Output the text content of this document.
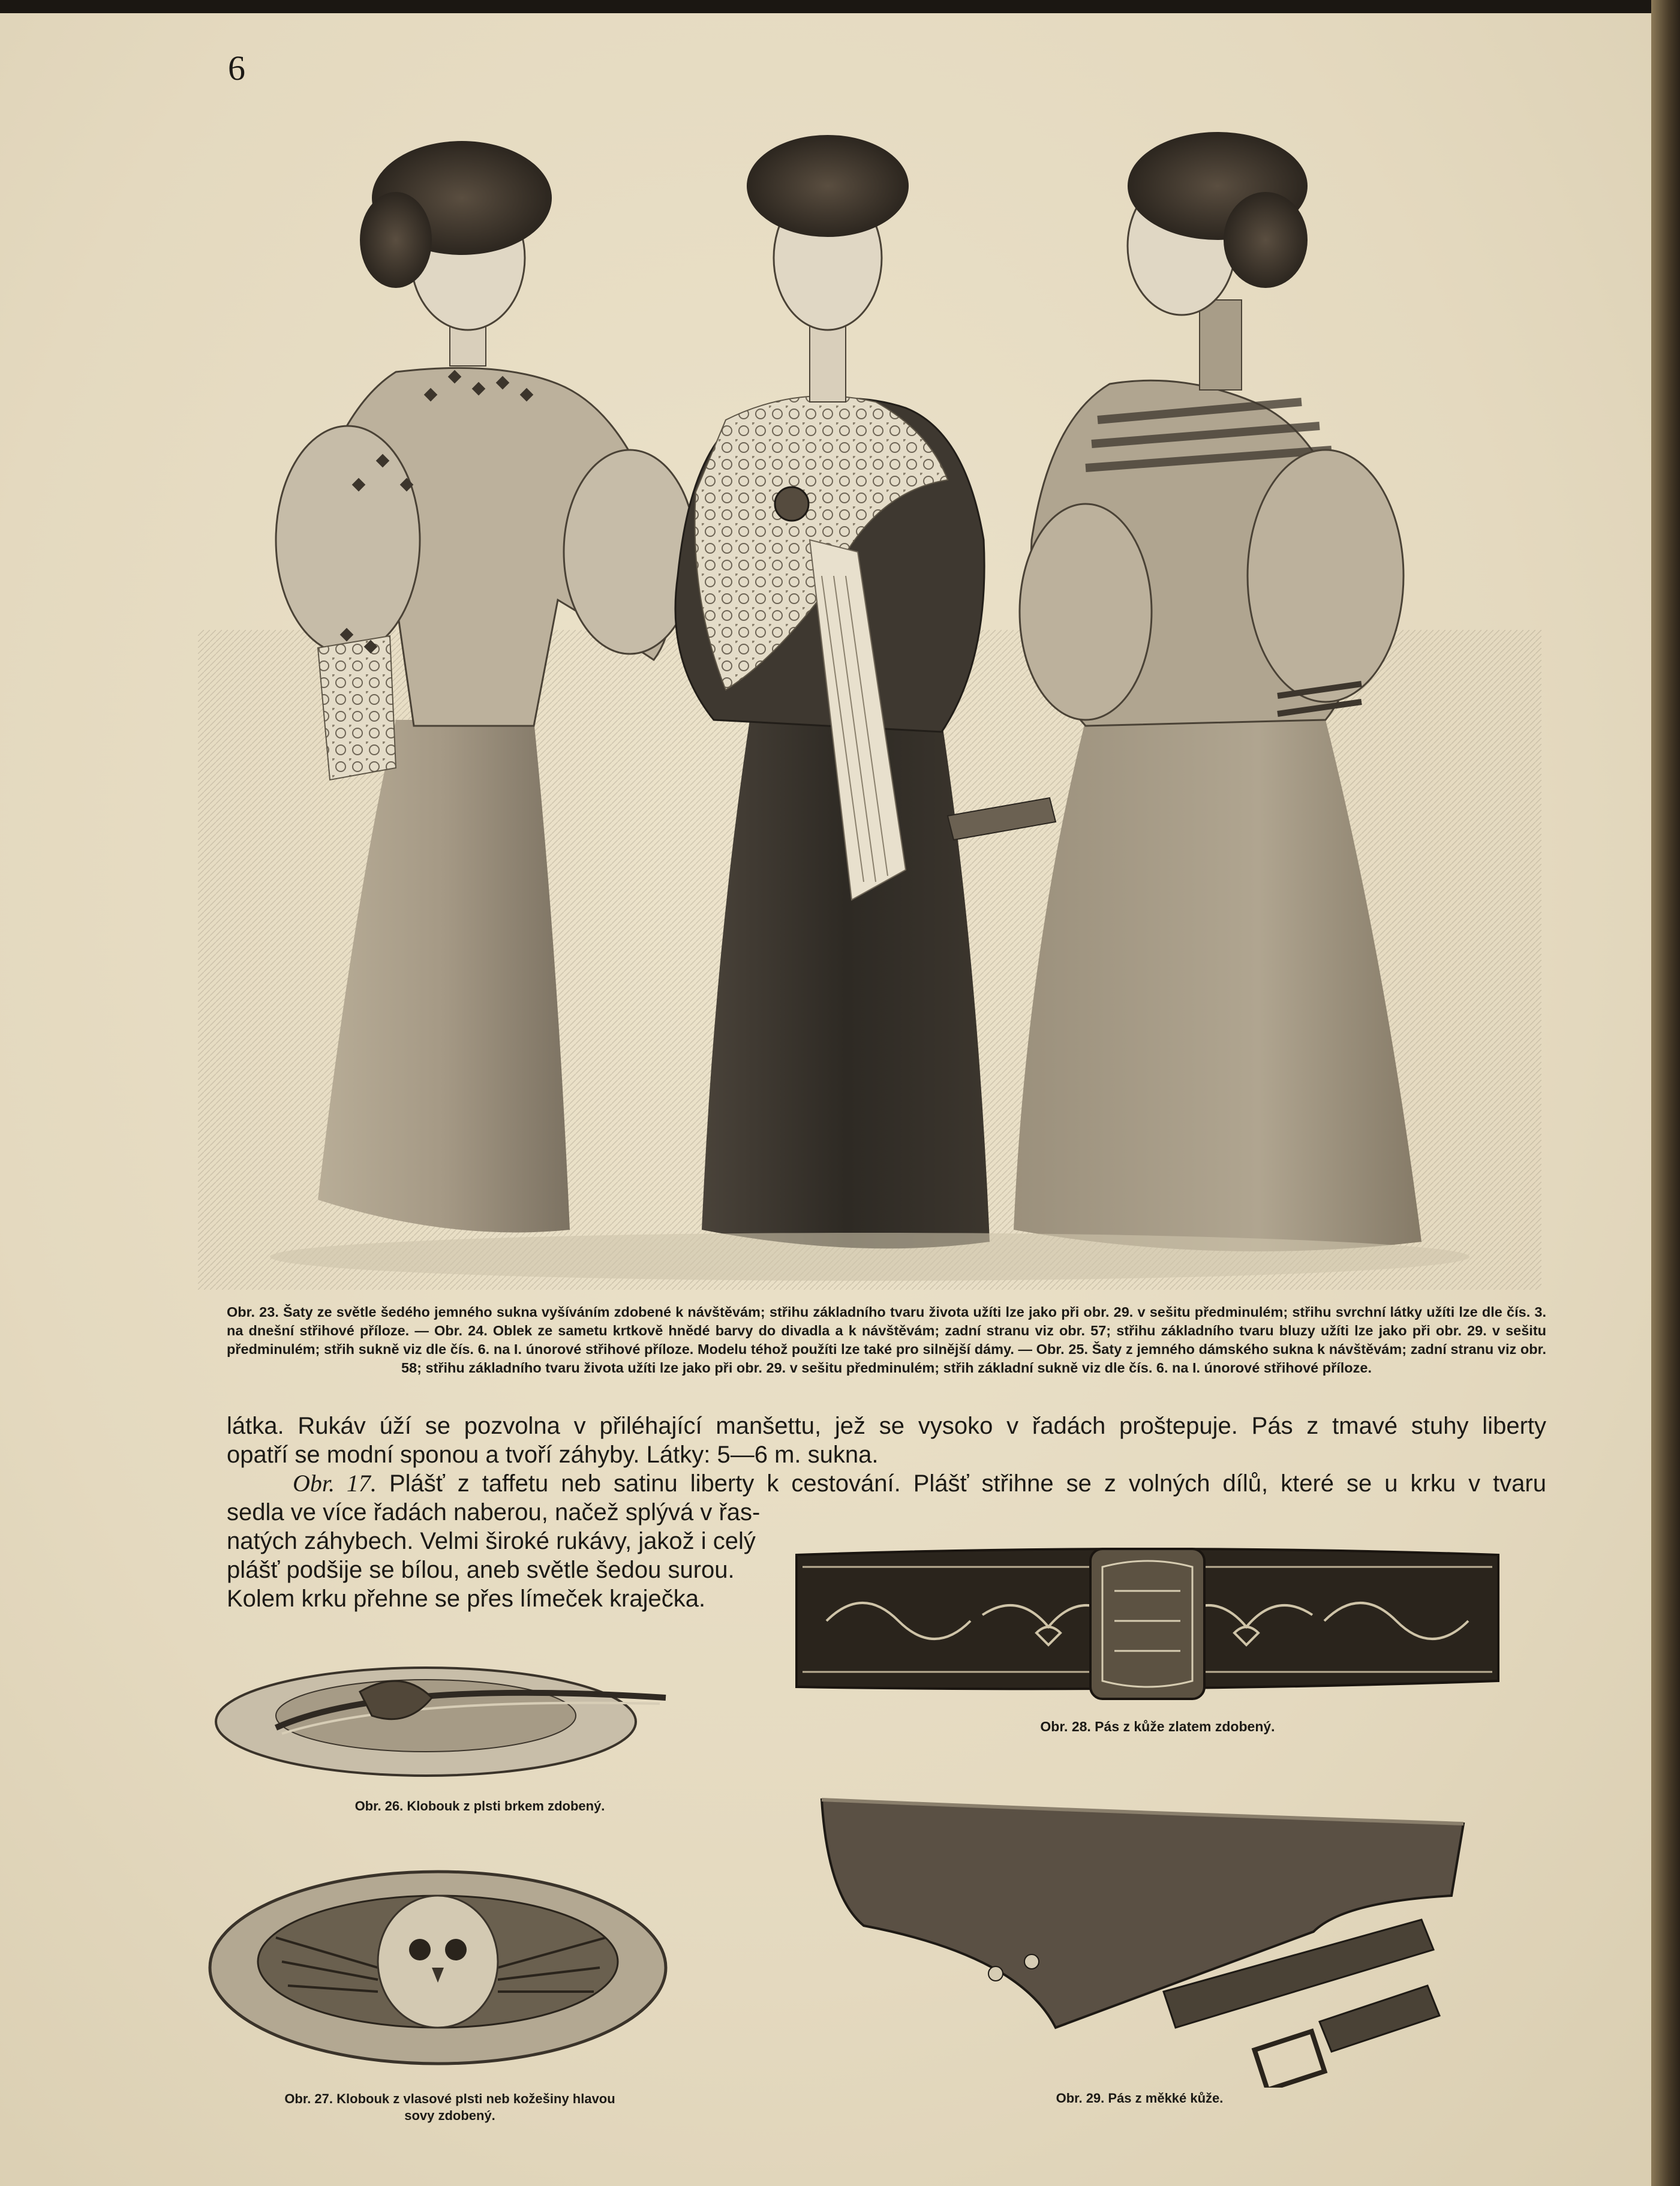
6
Obr. 23. Šaty ze světle šedého jemného sukna vyšíváním zdobené k návštěvám; střihu základního tvaru života užíti lze jako při obr. 29. v sešitu předminulém; střihu svrchní látky užíti lze dle čís. 3. na dnešní střihové příloze. — Obr. 24. Oblek ze sametu krtkově hnědé barvy do divadla a k návštěvám; zadní stranu viz obr. 57; střihu základního tvaru bluzy užíti lze jako při obr. 29. v sešitu předminulém; střih sukně viz dle čís. 6. na I. únorové střihové příloze. Modelu téhož použíti lze také pro silnější dámy. — Obr. 25. Šaty z jemného dámského sukna k návštěvám; zadní stranu viz obr. 58; střihu základního tvaru života užíti lze jako při obr. 29. v sešitu předminulém; střih základní sukně viz dle čís. 6. na I. únorové střihové příloze.

látka. Rukáv úží se pozvolna v přiléhající manšettu, jež se vysoko v řadách proštepuje. Pás z tmavé stuhy liberty

opatří se modní sponou a tvoří záhyby. Látky: 5—6 m. sukna.

Obr. 17. Plášť z taffetu neb satinu liberty k cestování. Plášť střihne se z volných dílů, které se u krku v tvaru

sedla ve více řadách naberou, načež splývá v řas-

natých záhybech. Velmi široké rukávy, jakož i celý

plášť podšije se bílou, aneb světle šedou surou.

Kolem krku přehne se přes límeček kraječka.

Obr. 28. Pás z kůže zlatem zdobený.
Obr. 26. Klobouk z plsti brkem zdobený.
Obr. 27. Klobouk z vlasové plsti neb kožešiny hlavou
sovy zdobený.
Obr. 29. Pás z měkké kůže.
